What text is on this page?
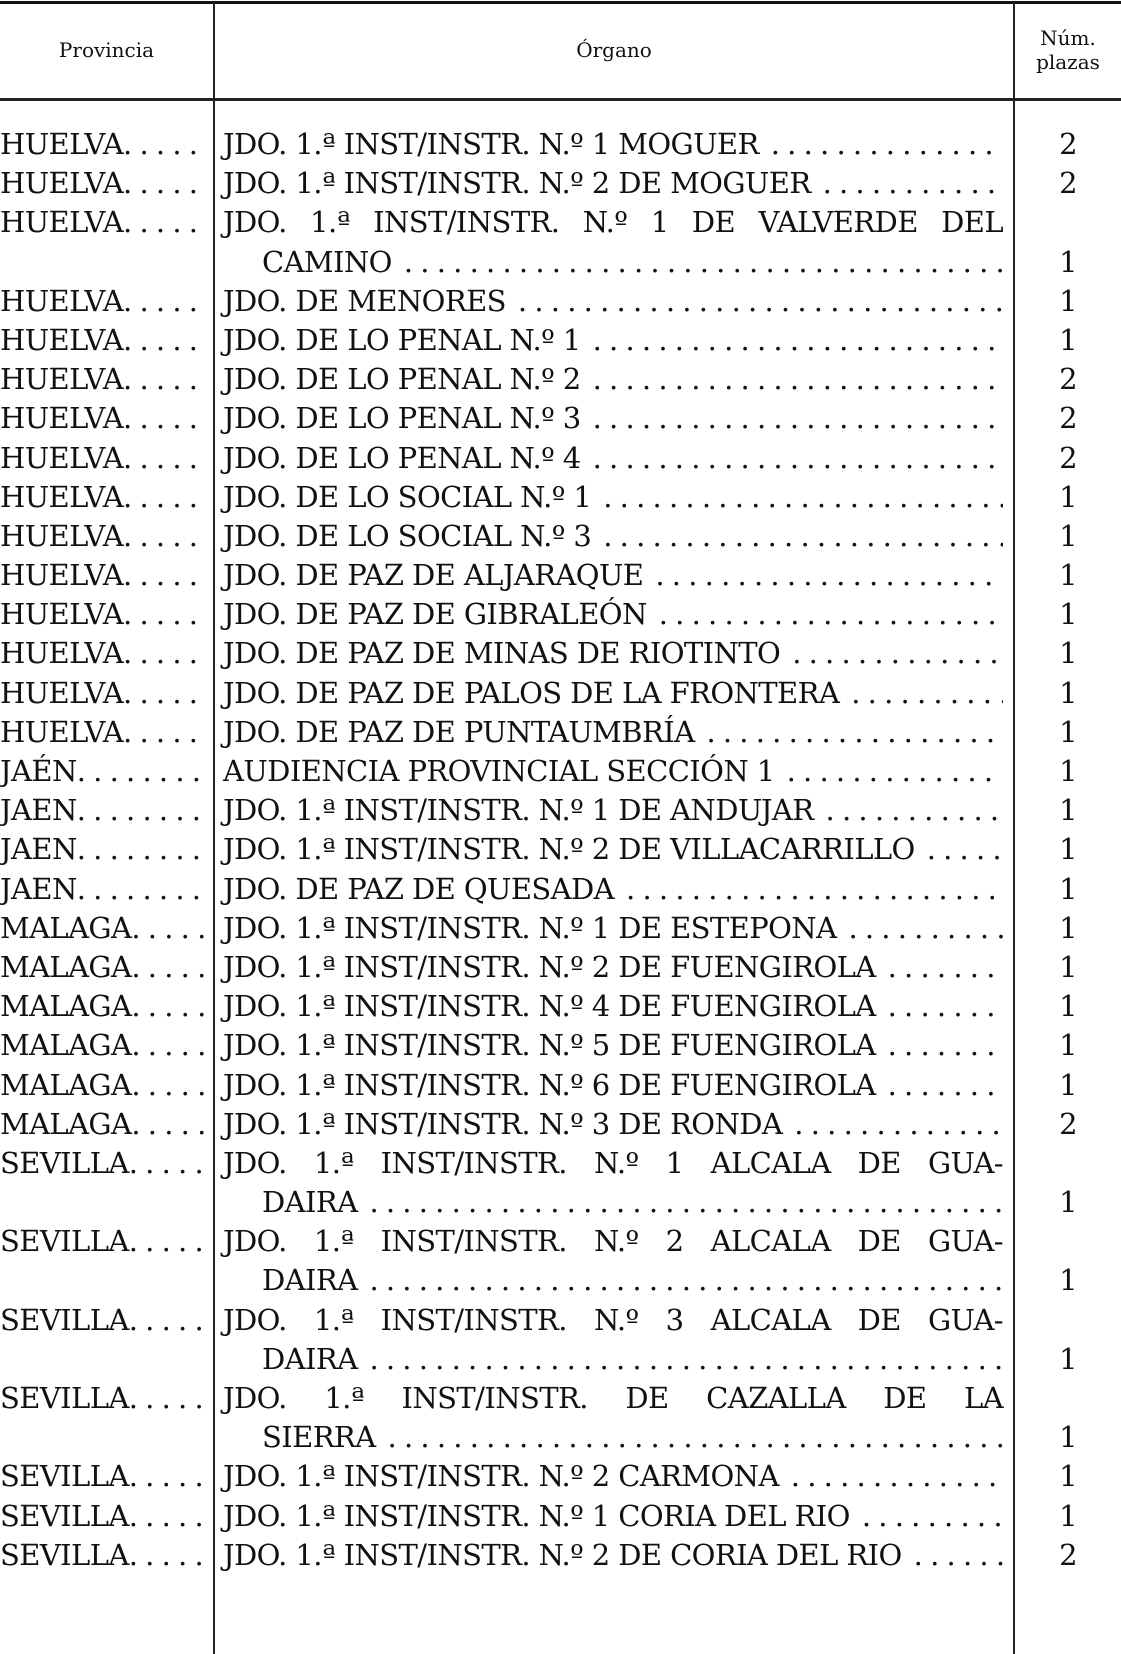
Provincia	Órgano	Núm.
plazas
HUELVA . . .	JDO. 1.ª INST/INSTR. N.º 1 MOGUER . . .	2
HUELVA . . .	JDO. 1.ª INST/INSTR. N.º 2 DE MOGUER . . .	2
HUELVA . . .	JDO. 1.ª INST/INSTR. N.º 1 DE VALVERDE DEL
CAMINO . . .	1
HUELVA . . .	JDO. DE MENORES . . .	1
HUELVA . . .	JDO. DE LO PENAL N.º 1 . . .	1
HUELVA . . .	JDO. DE LO PENAL N.º 2 . . .	2
HUELVA . . .	JDO. DE LO PENAL N.º 3 . . .	2
HUELVA . . .	JDO. DE LO PENAL N.º 4 . . .	2
HUELVA . . .	JDO. DE LO SOCIAL N.º 1 . . .	1
HUELVA . . .	JDO. DE LO SOCIAL N.º 3 . . .	1
HUELVA . . .	JDO. DE PAZ DE ALJARAQUE . . .	1
HUELVA . . .	JDO. DE PAZ DE GIBRALEÓN . . .	1
HUELVA . . .	JDO. DE PAZ DE MINAS DE RIOTINTO . . .	1
HUELVA . . .	JDO. DE PAZ DE PALOS DE LA FRONTERA . . .	1
HUELVA . . .	JDO. DE PAZ DE PUNTAUMBRÍA . . .	1
JAÉN . . .	AUDIENCIA PROVINCIAL SECCIÓN 1 . . .	1
JAEN . . .	JDO. 1.ª INST/INSTR. N.º 1 DE ANDUJAR . . .	1
JAEN . . .	JDO. 1.ª INST/INSTR. N.º 2 DE VILLACARRILLO . . .	1
JAEN . . .	JDO. DE PAZ DE QUESADA . . .	1
MALAGA . . .	JDO. 1.ª INST/INSTR. N.º 1 DE ESTEPONA . . .	1
MALAGA . . .	JDO. 1.ª INST/INSTR. N.º 2 DE FUENGIROLA . . .	1
MALAGA . . .	JDO. 1.ª INST/INSTR. N.º 4 DE FUENGIROLA . . .	1
MALAGA . . .	JDO. 1.ª INST/INSTR. N.º 5 DE FUENGIROLA . . .	1
MALAGA . . .	JDO. 1.ª INST/INSTR. N.º 6 DE FUENGIROLA . . .	1
MALAGA . . .	JDO. 1.ª INST/INSTR. N.º 3 DE RONDA . . .	2
SEVILLA . . .	JDO. 1.ª INST/INSTR. N.º 1 ALCALA DE GUA-
DAIRA . . .	1
SEVILLA . . .	JDO. 1.ª INST/INSTR. N.º 2 ALCALA DE GUA-
DAIRA . . .	1
SEVILLA . . .	JDO. 1.ª INST/INSTR. N.º 3 ALCALA DE GUA-
DAIRA . . .	1
SEVILLA . . .	JDO. 1.ª INST/INSTR. DE CAZALLA DE LA
SIERRA . . .	1
SEVILLA . . .	JDO. 1.ª INST/INSTR. N.º 2 CARMONA . . .	1
SEVILLA . . .	JDO. 1.ª INST/INSTR. N.º 1 CORIA DEL RIO . . .	1
SEVILLA . . .	JDO. 1.ª INST/INSTR. N.º 2 DE CORIA DEL RIO . . .	2
